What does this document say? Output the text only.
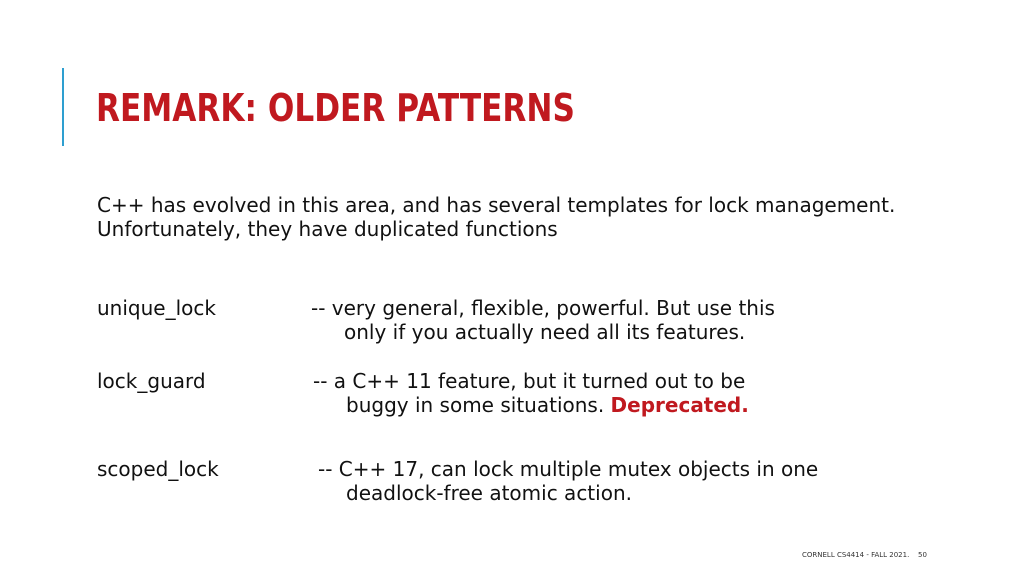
REMARK: OLDER PATTERNS

C++ has evolved in this area, and has several templates for lock management. Unfortunately, they have duplicated functions

unique_lock	-- very general, flexible, powerful. But use this
only if you actually need all its features.
lock_guard	-- a C++ 11 feature, but it turned out to be
buggy in some situations. Deprecated.
scoped_lock	-- C++ 17, can lock multiple mutex objects in one
deadlock-free atomic action.
CORNELL CS4414 - FALL 2021. 50
